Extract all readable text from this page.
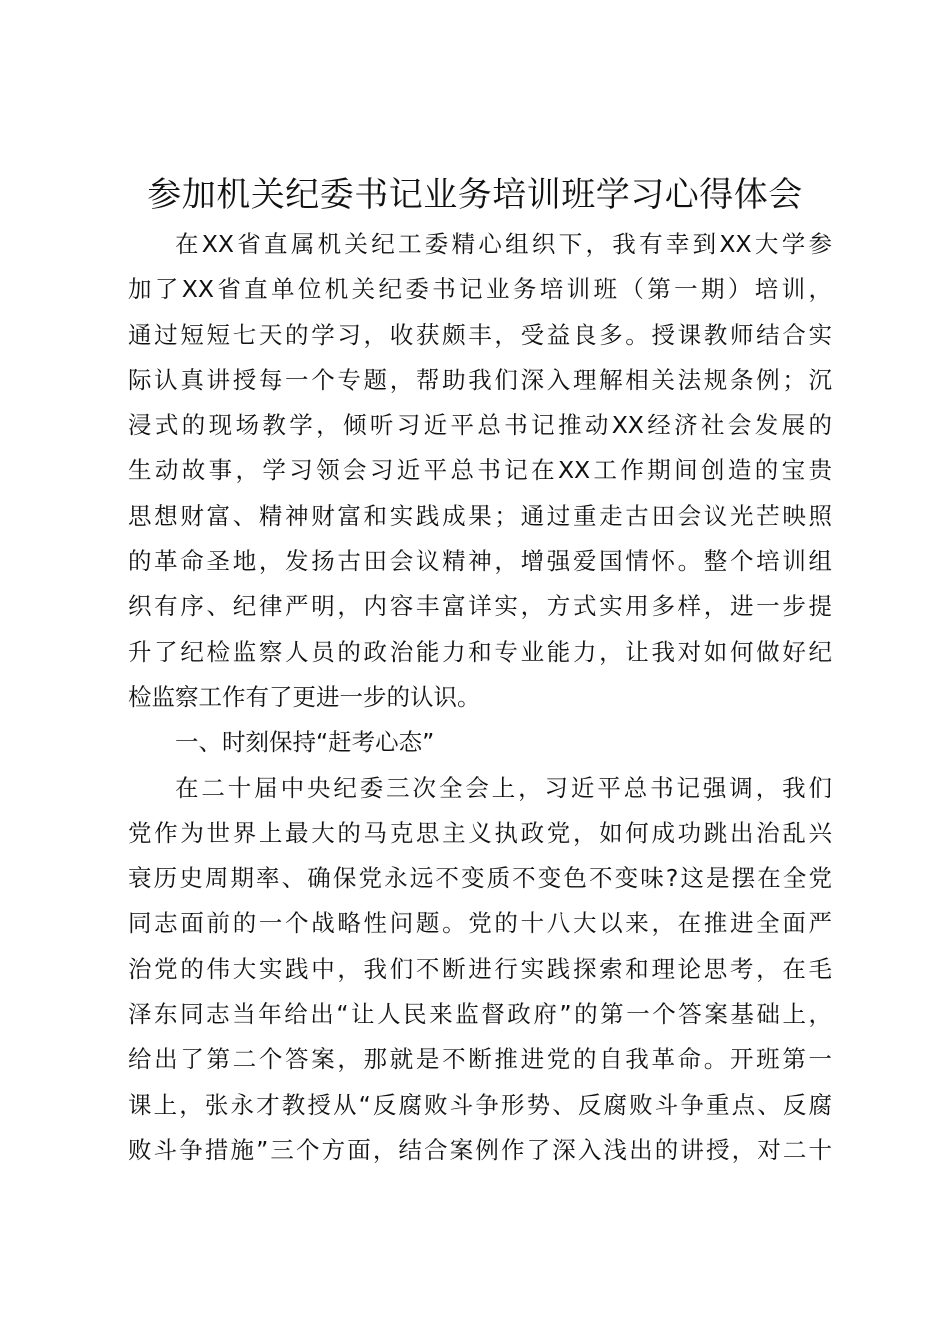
参加机关纪委书记业务培训班学习心得体会
在XX省直属机关纪工委精心组织下，我有幸到XX大学参
加了XX省直单位机关纪委书记业务培训班（第一期）培训，
通过短短七天的学习，收获颇丰，受益良多。授课教师结合实
际认真讲授每一个专题，帮助我们深入理解相关法规条例；沉
浸式的现场教学，倾听习近平总书记推动XX经济社会发展的
生动故事，学习领会习近平总书记在XX工作期间创造的宝贵
思想财富、精神财富和实践成果；通过重走古田会议光芒映照
的革命圣地，发扬古田会议精神，增强爱国情怀。整个培训组
织有序、纪律严明，内容丰富详实，方式实用多样，进一步提
升了纪检监察人员的政治能力和专业能力，让我对如何做好纪
检监察工作有了更进一步的认识。
一、时刻保持“赶考心态”
在二十届中央纪委三次全会上，习近平总书记强调，我们
党作为世界上最大的马克思主义执政党，如何成功跳出治乱兴
衰历史周期率、确保党永远不变质不变色不变味?这是摆在全党
同志面前的一个战略性问题。党的十八大以来，在推进全面严
治党的伟大实践中，我们不断进行实践探索和理论思考，在毛
泽东同志当年给出“让人民来监督政府”的第一个答案基础上，
给出了第二个答案，那就是不断推进党的自我革命。开班第一
课上，张永才教授从“反腐败斗争形势、反腐败斗争重点、反腐
败斗争措施”三个方面，结合案例作了深入浅出的讲授，对二十
